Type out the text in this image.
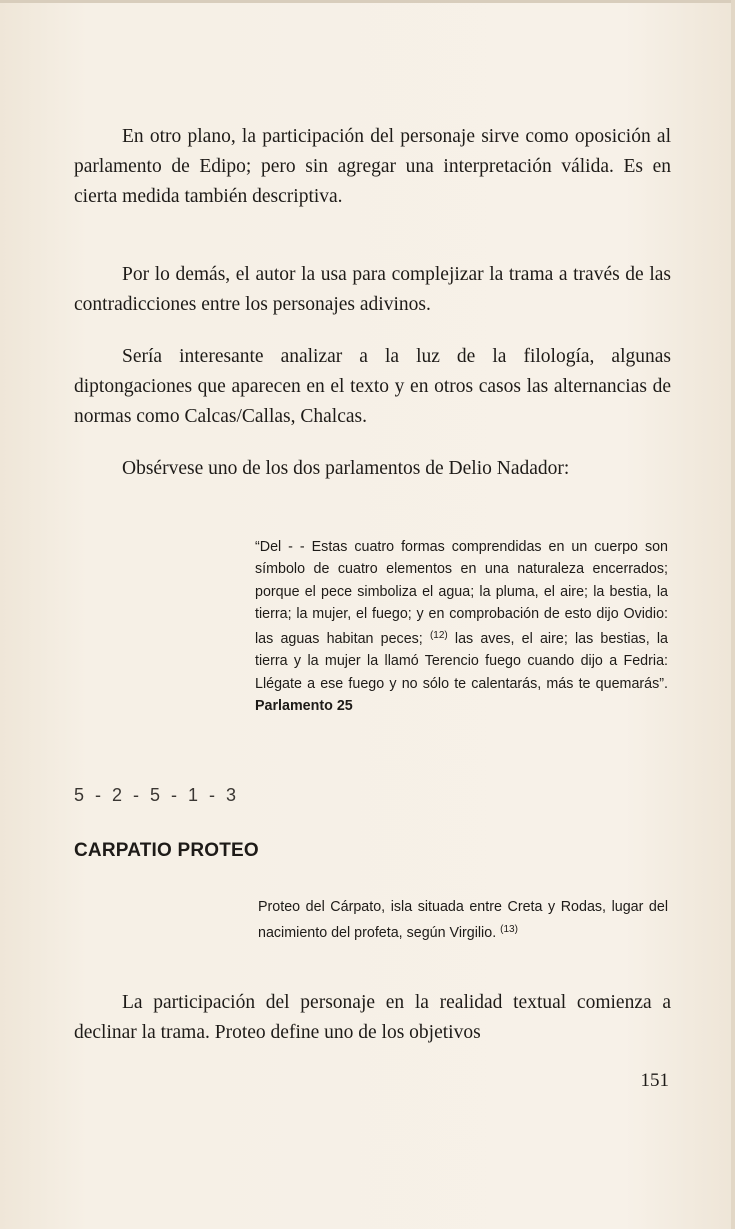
En otro plano, la participación del personaje sirve como oposición al parlamento de Edipo; pero sin agregar una interpretación válida. Es en cierta medida también descriptiva.

Por lo demás, el autor la usa para complejizar la trama a través de las contradicciones entre los personajes adivinos.

Sería interesante analizar a la luz de la filología, algunas diptongaciones que aparecen en el texto y en otros casos las alternancias de normas como Calcas/Callas, Chalcas.

Obsérvese uno de los dos parlamentos de Delio Nadador:

“Del - - Estas cuatro formas comprendidas en un cuerpo son símbolo de cuatro elementos en una naturaleza encerrados; porque el pece simboliza el agua; la pluma, el aire; la bestia, la tierra; la mujer, el fuego; y en comprobación de esto dijo Ovidio: las aguas habitan peces; $^{(12)}$ las aves, el aire; las bestias, la tierra y la mujer la llamó Terencio fuego cuando dijo a Fedria: Llégate a ese fuego y no sólo te calentarás, más te quemarás”. Parlamento 25
5 - 2 - 5 - 1 - 3
CARPATIO PROTEO
Proteo del Cárpato, isla situada entre Creta y Rodas, lugar del nacimiento del profeta, según Virgilio. $^{(13)}$

La participación del personaje en la realidad textual comienza a declinar la trama. Proteo define uno de los objetivos

151
